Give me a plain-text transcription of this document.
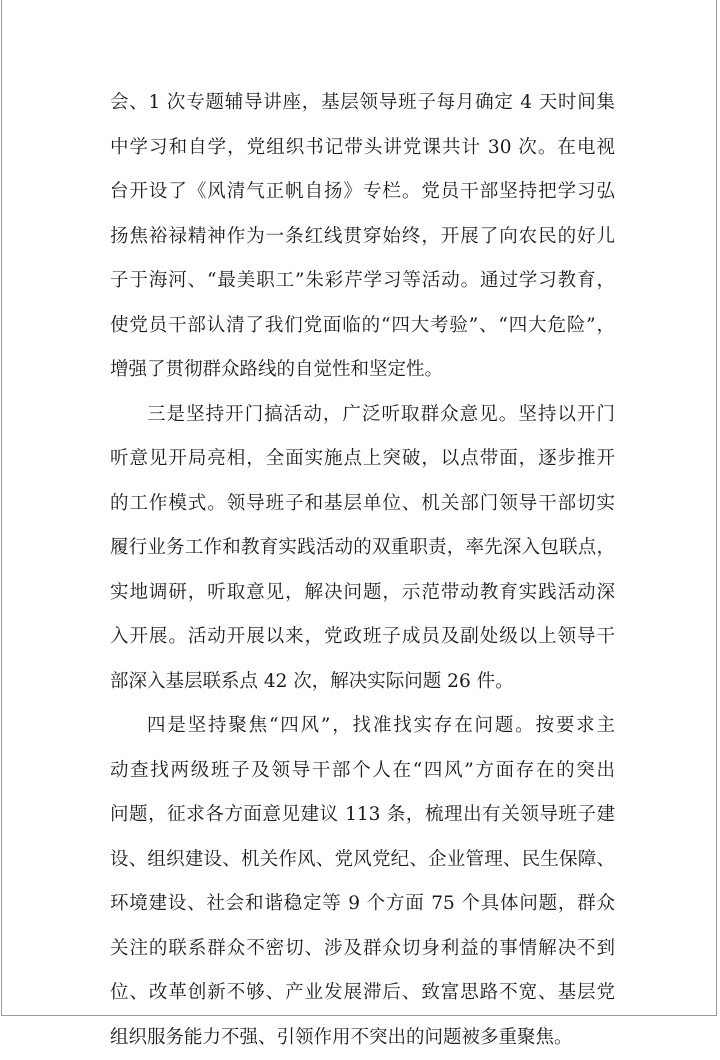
会、1 次专题辅导讲座，基层领导班子每月确定 4 天时间集
中学习和自学，党组织书记带头讲党课共计 30 次。在电视
台开设了《风清气正帆自扬》专栏。党员干部坚持把学习弘
扬焦裕禄精神作为一条红线贯穿始终，开展了向农民的好儿
子于海河、“最美职工”朱彩芹学习等活动。通过学习教育，
使党员干部认清了我们党面临的“四大考验”、“四大危险”，
增强了贯彻群众路线的自觉性和坚定性。
三是坚持开门搞活动，广泛听取群众意见。坚持以开门
听意见开局亮相，全面实施点上突破，以点带面，逐步推开
的工作模式。领导班子和基层单位、机关部门领导干部切实
履行业务工作和教育实践活动的双重职责，率先深入包联点，
实地调研，听取意见，解决问题，示范带动教育实践活动深
入开展。活动开展以来，党政班子成员及副处级以上领导干
部深入基层联系点 42 次，解决实际问题 26 件。
四是坚持聚焦“四风”，找准找实存在问题。按要求主
动查找两级班子及领导干部个人在“四风”方面存在的突出
问题，征求各方面意见建议 113 条，梳理出有关领导班子建
设、组织建设、机关作风、党风党纪、企业管理、民生保障、
环境建设、社会和谐稳定等 9 个方面 75 个具体问题，群众
关注的联系群众不密切、涉及群众切身利益的事情解决不到
位、改革创新不够、产业发展滞后、致富思路不宽、基层党
组织服务能力不强、引领作用不突出的问题被多重聚焦。
